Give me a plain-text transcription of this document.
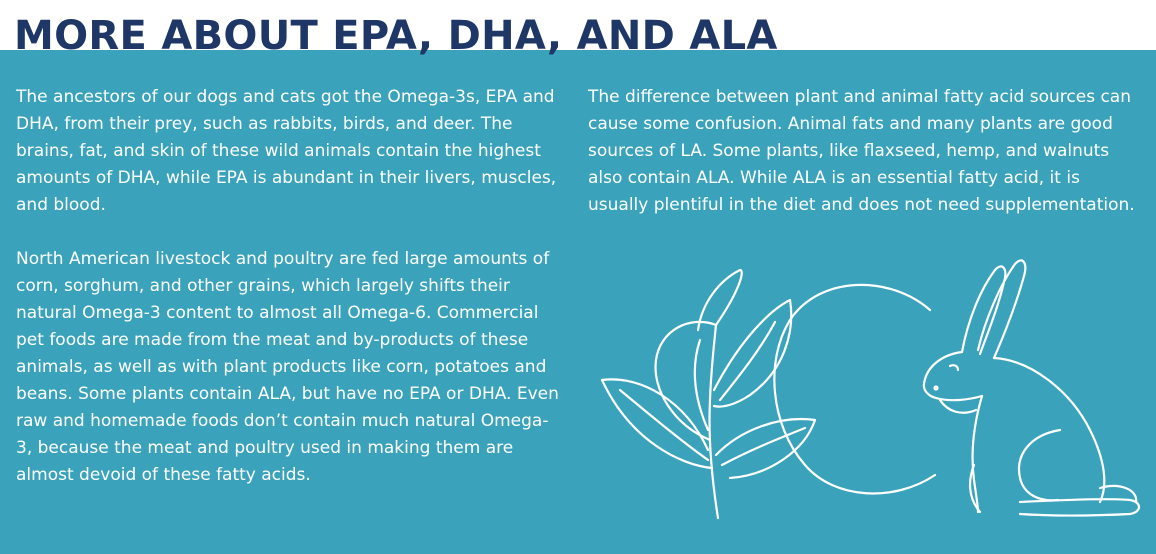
MORE ABOUT EPA, DHA, AND ALA

The ancestors of our dogs and cats got the Omega-3s, EPA and DHA, from their prey, such as rabbits, birds, and deer. The brains, fat, and skin of these wild animals contain the highest amounts of DHA, while EPA is abundant in their livers, muscles, and blood.

North American livestock and poultry are fed large amounts of corn, sorghum, and other grains, which largely shifts their natural Omega-3 content to almost all Omega-6. Commercial pet foods are made from the meat and by-products of these animals, as well as with plant products like corn, potatoes and beans. Some plants contain ALA, but have no EPA or DHA. Even raw and homemade foods don’t contain much natural Omega-3, because the meat and poultry used in making them are almost devoid of these fatty acids.

The difference between plant and animal fatty acid sources can cause some confusion. Animal fats and many plants are good sources of LA. Some plants, like flaxseed, hemp, and walnuts also contain ALA. While ALA is an essential fatty acid, it is usually plentiful in the diet and does not need supplementation.
